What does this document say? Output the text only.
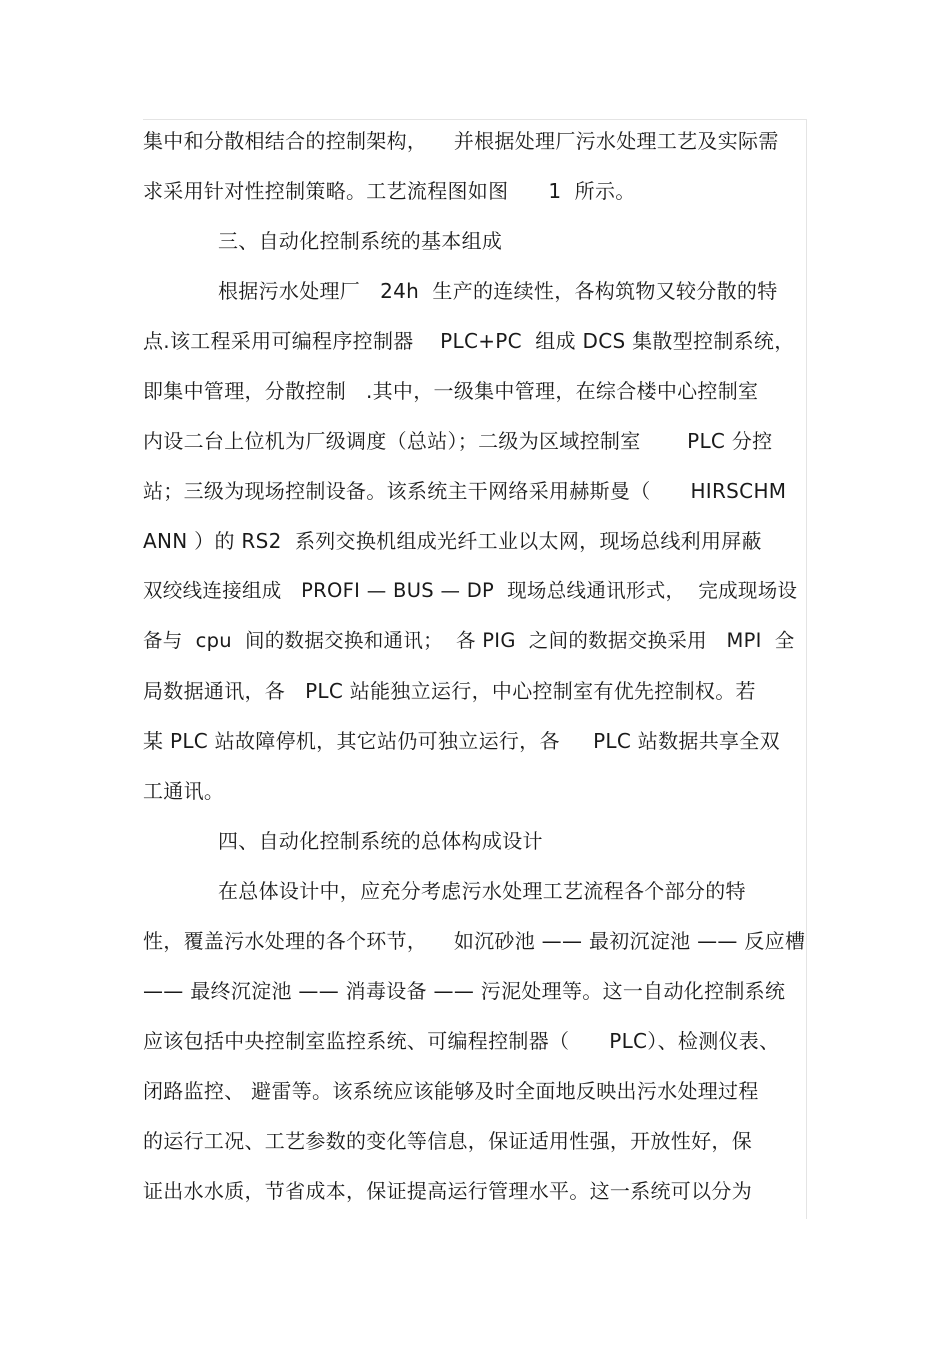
集中和分散相结合的控制架构，    并根据处理厂污水处理工艺及实际需
求采用针对性控制策略。工艺流程图如图      1  所示。
三、自动化控制系统的基本组成
根据污水处理厂   24h  生产的连续性，各构筑物又较分散的特
点.该工程采用可编程序控制器    PLC+PC  组成 DCS 集散型控制系统，
即集中管理，分散控制   .其中，一级集中管理，在综合楼中心控制室
内设二台上位机为厂级调度（总站）；二级为区域控制室       PLC 分控
站；三级为现场控制设备。该系统主干网络采用赫斯曼（      HIRSCHM
ANN ）的 RS2  系列交换机组成光纤工业以太网，现场总线利用屏蔽
双绞线连接组成   PROFI — BUS — DP  现场总线通讯形式，  完成现场设
备与  cpu  间的数据交换和通讯；  各 PIG  之间的数据交换采用   MPI  全
局数据通讯，各   PLC 站能独立运行，中心控制室有优先控制权。若
某 PLC 站故障停机，其它站仍可独立运行，各     PLC 站数据共享全双
工通讯。
四、自动化控制系统的总体构成设计
在总体设计中，应充分考虑污水处理工艺流程各个部分的特
性，覆盖污水处理的各个环节，    如沉砂池 —— 最初沉淀池 —— 反应槽
—— 最终沉淀池 —— 消毒设备 —— 污泥处理等。这一自动化控制系统
应该包括中央控制室监控系统、可编程控制器（      PLC）、检测仪表、
闭路监控、 避雷等。该系统应该能够及时全面地反映出污水处理过程
的运行工况、工艺参数的变化等信息，保证适用性强，开放性好，保
证出水水质，节省成本，保证提高运行管理水平。这一系统可以分为
